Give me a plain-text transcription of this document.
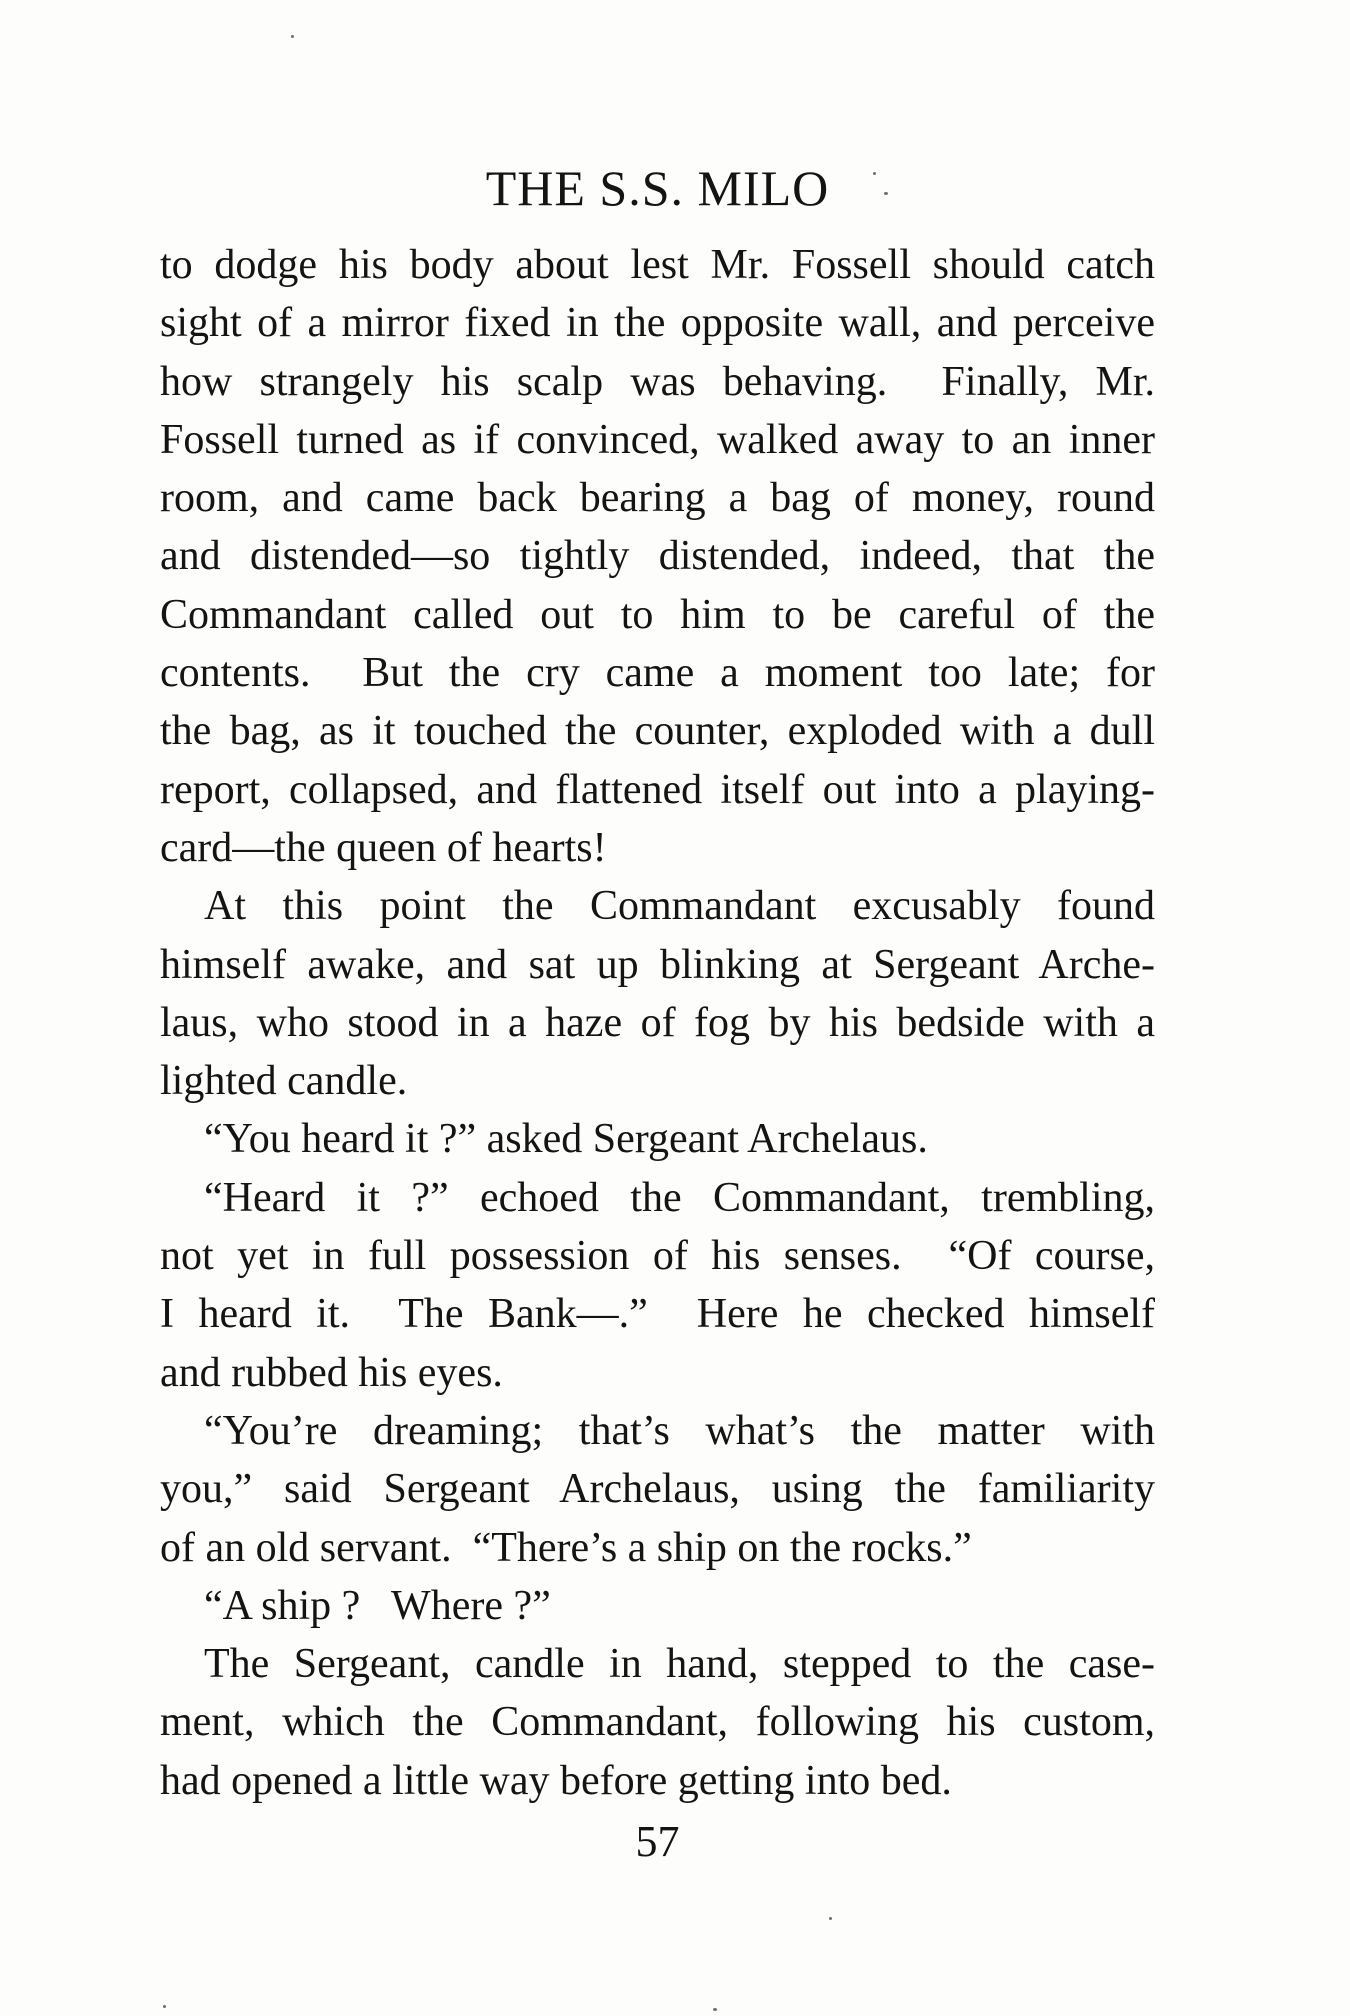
THE S.S. MILO
to dodge his body about lest Mr. Fossell should catch
sight of a mirror fixed in the opposite wall, and perceive
how strangely his scalp was behaving.  Finally, Mr.
Fossell turned as if convinced, walked away to an inner
room, and came back bearing a bag of money, round
and distended—so tightly distended, indeed, that the
Commandant called out to him to be careful of the
contents.  But the cry came a moment too late; for
the bag, as it touched the counter, exploded with a dull
report, collapsed, and flattened itself out into a playing-
card—the queen of hearts!
At this point the Commandant excusably found
himself awake, and sat up blinking at Sergeant Arche-
laus, who stood in a haze of fog by his bedside with a
lighted candle.
“You heard it ?” asked Sergeant Archelaus.
“Heard it ?” echoed the Commandant, trembling,
not yet in full possession of his senses.  “Of course,
I heard it.  The Bank—.”  Here he checked himself
and rubbed his eyes.
“You’re dreaming; that’s what’s the matter with
you,” said Sergeant Archelaus, using the familiarity
of an old servant.  “There’s a ship on the rocks.”
“A ship ?   Where ?”
The Sergeant, candle in hand, stepped to the case-
ment, which the Commandant, following his custom,
had opened a little way before getting into bed.
57
